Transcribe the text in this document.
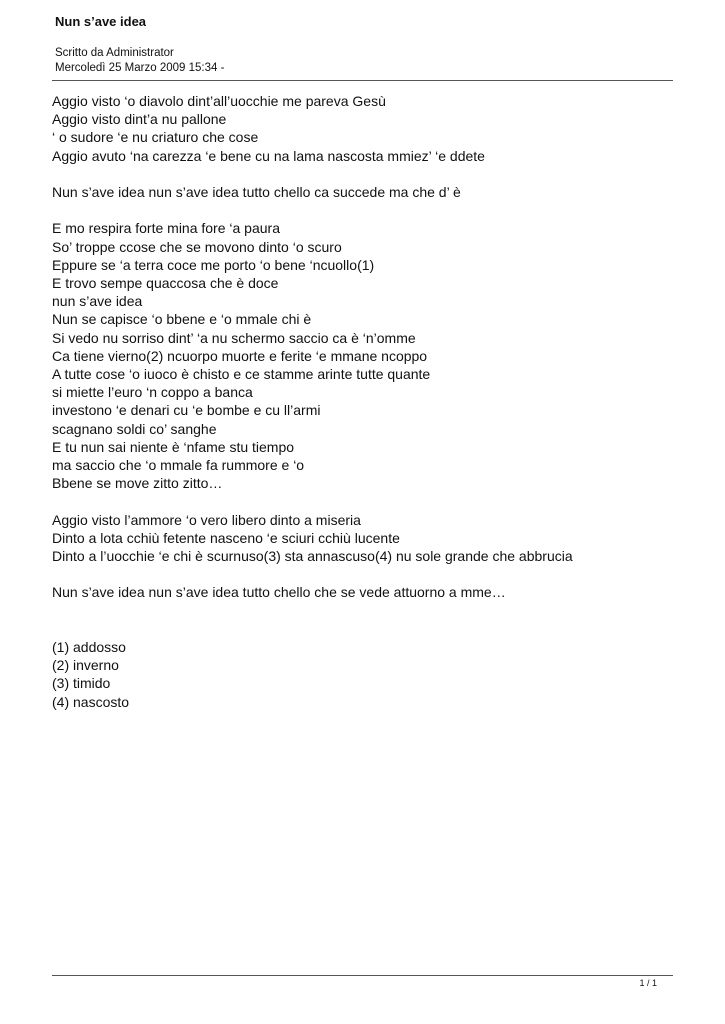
Nun s’ave idea
Scritto da Administrator
Mercoledì 25 Marzo 2009 15:34 -
Aggio visto ‘o diavolo dint’all’uocchie me pareva Gesù
Aggio visto dint’a nu pallone
‘ o sudore ‘e nu criaturo che cose
Aggio avuto ‘na carezza ‘e bene cu na lama nascosta mmiez’ ‘e ddete
Nun s’ave idea nun s’ave idea tutto chello ca succede ma che d’ è
E mo respira forte mina fore ‘a paura
So’ troppe ccose che se movono dinto ‘o scuro
Eppure se ‘a terra coce me porto ‘o bene ‘ncuollo(1)
E trovo sempe quaccosa che è doce
nun s’ave idea
Nun se capisce ‘o bbene e ‘o mmale chi è
Si vedo nu sorriso dint’ ‘a nu schermo saccio ca è ‘n’omme
Ca tiene vierno(2) ncuorpo muorte e ferite ‘e mmane ncoppo
A tutte cose ‘o iuoco è chisto e ce stamme arinte tutte quante
si miette l’euro ‘n coppo a banca
investono ‘e denari cu ‘e bombe e cu ll’armi
scagnano soldi co’ sanghe
E tu nun sai niente è ‘nfame stu tiempo
ma saccio che ‘o mmale fa rummore e ‘o
Bbene se move zitto zitto…
Aggio visto l’ammore ‘o vero libero dinto a miseria
Dinto a lota cchiù fetente nasceno ‘e sciuri cchiù lucente
Dinto a l’uocchie ‘e chi è scurnuso(3) sta annascuso(4) nu sole grande che abbrucia
Nun s’ave idea nun s’ave idea tutto chello che se vede attuorno a mme…
(1) addosso
(2) inverno
(3) timido
(4) nascosto
1 / 1
